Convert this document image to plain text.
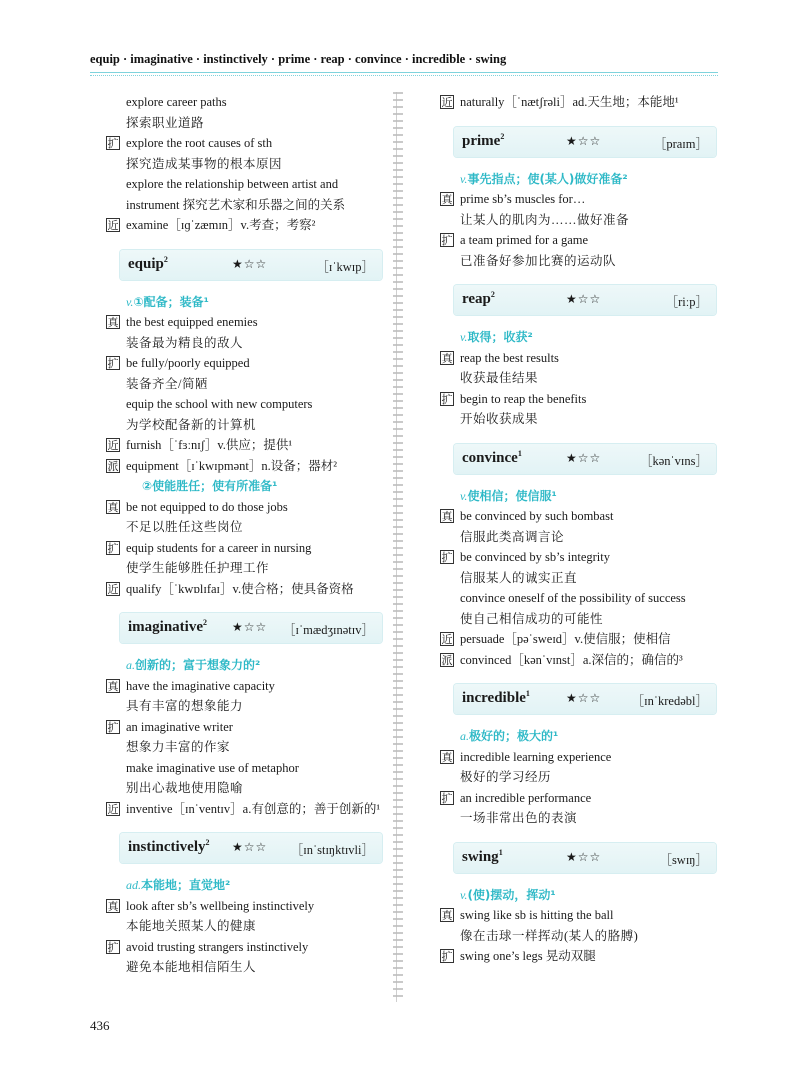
equip · imaginative · instinctively · prime · reap · convince · incredible · swing
explore career paths
探索职业道路
扩 explore the root causes of sth
探究造成某事物的根本原因
explore the relationship between artist and
instrument 探究艺术家和乐器之间的关系
近 examine［ɪɡˈzæmɪn］v.考查；考察²
equip$^2$	★☆☆	［ɪˈkwɪp］
v.①配备；装备¹
真 the best equipped enemies
装备最为精良的敌人
扩 be fully/poorly equipped
装备齐全/简陋
equip the school with new computers
为学校配备新的计算机
近 furnish［ˈfɜːnɪʃ］v.供应；提供¹
派 equipment［ɪˈkwɪpmənt］n.设备；器材²
②使能胜任；使有所准备¹
真 be not equipped to do those jobs
不足以胜任这些岗位
扩 equip students for a career in nursing
使学生能够胜任护理工作
近 qualify［ˈkwɒlɪfaɪ］v.使合格；使具备资格
imaginative$^2$ ★☆☆ ［ɪˈmædʒɪnətɪv］
a.创新的；富于想象力的²
真 have the imaginative capacity
具有丰富的想象能力
扩 an imaginative writer
想象力丰富的作家
make imaginative use of metaphor
别出心裁地使用隐喻
近 inventive［ɪnˈventɪv］a.有创意的；善于创新的¹
instinctively$^2$ ★☆☆ ［ɪnˈstɪŋktɪvli］
ad.本能地；直觉地²
真 look after sb’s wellbeing instinctively
本能地关照某人的健康
扩 avoid trusting strangers instinctively
避免本能地相信陌生人
近 naturally［ˈnætʃrəli］ad.天生地；本能地¹
prime$^2$	★☆☆	［praɪm］
v.事先指点；使(某人)做好准备²
真 prime sb’s muscles for…
让某人的肌肉为……做好准备
扩 a team primed for a game
已准备好参加比赛的运动队
reap$^2$	★☆☆	［riːp］
v.取得；收获²
真 reap the best results
收获最佳结果
扩 begin to reap the benefits
开始收获成果
convince$^1$	★☆☆	［kənˈvɪns］
v.使相信；使信服¹
真 be convinced by such bombast
信服此类高调言论
扩 be convinced by sb’s integrity
信服某人的诚实正直
convince oneself of the possibility of success
使自己相信成功的可能性
近 persuade［pəˈsweɪd］v.使信服；使相信
派 convinced［kənˈvɪnst］a.深信的；确信的³
incredible$^1$	★☆☆ ［ɪnˈkredəbl］
a.极好的；极大的¹
真 incredible learning experience
极好的学习经历
扩 an incredible performance
一场非常出色的表演
swing$^1$	★☆☆	［swɪŋ］
v.(使)摆动，挥动¹
真 swing like sb is hitting the ball
像在击球一样挥动(某人的胳膊)
扩 swing one’s legs 晃动双腿
436
